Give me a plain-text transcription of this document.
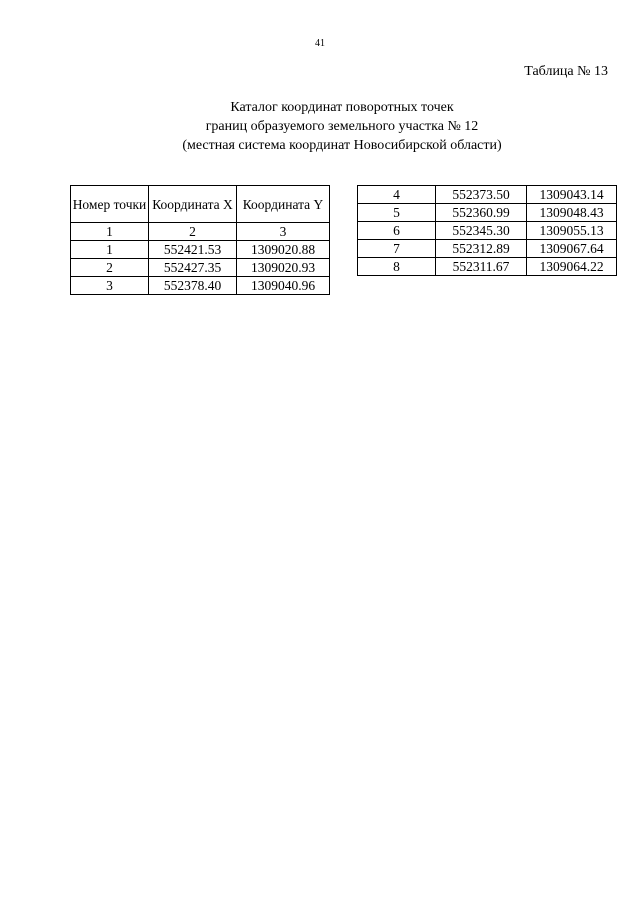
41
Таблица № 13
Каталог координат поворотных точек
границ образуемого земельного участка № 12
(местная система координат Новосибирской области)
Номер точки	Координата X	Координата Y
1	2	3
1	552421.53	1309020.88
2	552427.35	1309020.93
3	552378.40	1309040.96
4	552373.50	1309043.14
5	552360.99	1309048.43
6	552345.30	1309055.13
7	552312.89	1309067.64
8	552311.67	1309064.22
